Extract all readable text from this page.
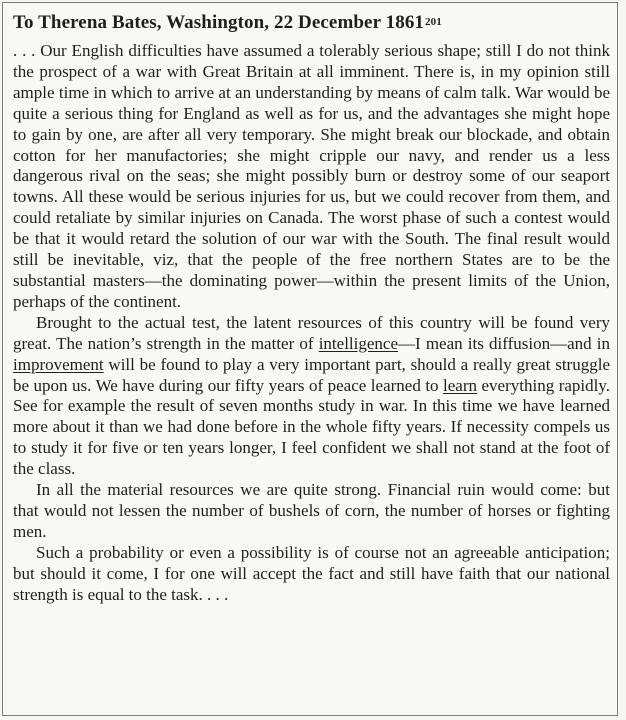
To Therena Bates, Washington, 22 December 1861$^{201}$

. . . Our English difficulties have assumed a tolerably serious shape; still I do not think the prospect of a war with Great Britain at all imminent. There is, in my opinion still ample time in which to arrive at an understanding by means of calm talk. War would be quite a serious thing for England as well as for us, and the advantages she might hope to gain by one, are after all very temporary. She might break our blockade, and obtain cotton for her manufactories; she might cripple our navy, and render us a less dangerous rival on the seas; she might possibly burn or destroy some of our seaport towns. All these would be serious injuries for us, but we could recover from them, and could retaliate by similar injuries on Canada. The worst phase of such a contest would be that it would retard the solution of our war with the South. The final result would still be inevitable, viz, that the people of the free northern States are to be the substantial masters—the dominating power—within the present limits of the Union, perhaps of the continent.

Brought to the actual test, the latent resources of this country will be found very great. The nation’s strength in the matter of intelligence—I mean its diffusion—and in improvement will be found to play a very important part, should a really great struggle be upon us. We have during our fifty years of peace learned to learn everything rapidly. See for example the result of seven months study in war. In this time we have learned more about it than we had done before in the whole fifty years. If necessity compels us to study it for five or ten years longer, I feel confident we shall not stand at the foot of the class.

In all the material resources we are quite strong. Financial ruin would come: but that would not lessen the number of bushels of corn, the number of horses or fighting men.

Such a probability or even a possibility is of course not an agreeable anticipation; but should it come, I for one will accept the fact and still have faith that our national strength is equal to the task. . . .
